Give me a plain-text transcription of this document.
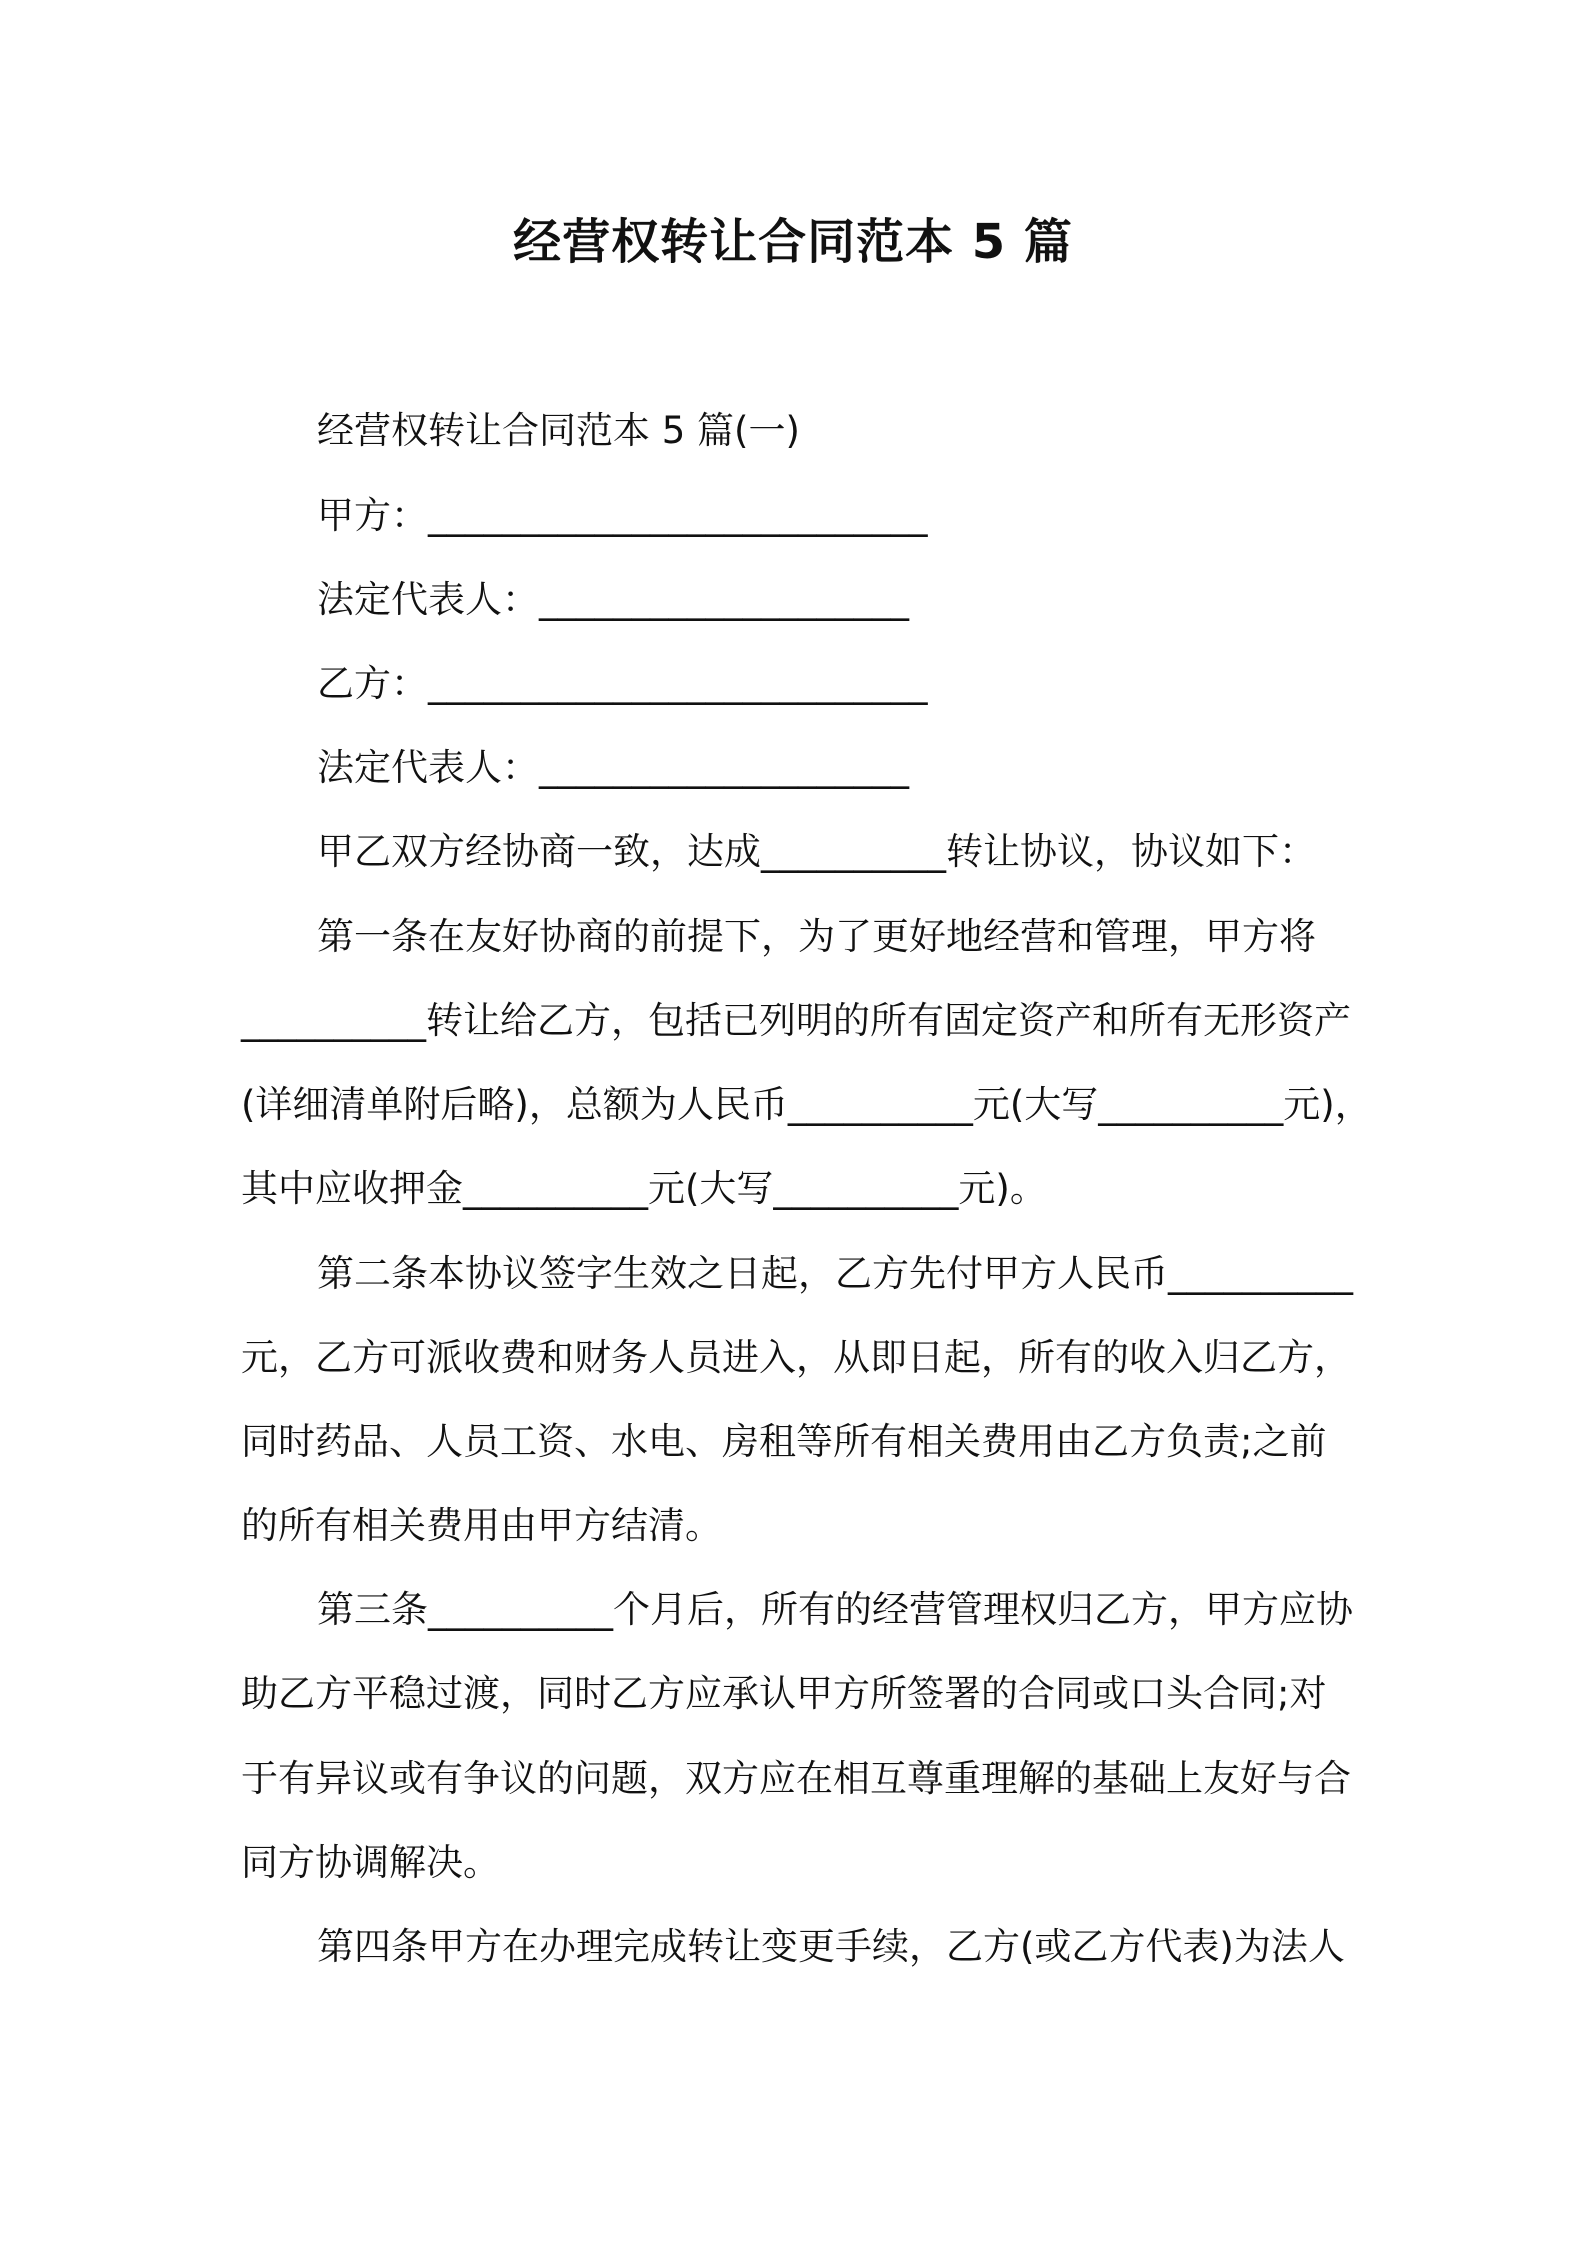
经营权转让合同范本 5 篇

经营权转让合同范本 5 篇(一)

甲方：___________________________

法定代表人：____________________

乙方：___________________________

法定代表人：____________________

甲乙双方经协商一致，达成__________转让协议，协议如下：

第一条在友好协商的前提下，为了更好地经营和管理，甲方将

__________转让给乙方，包括已列明的所有固定资产和所有无形资产

(详细清单附后略)，总额为人民币__________元(大写__________元)，

其中应收押金__________元(大写__________元)。

第二条本协议签字生效之日起，乙方先付甲方人民币__________

元，乙方可派收费和财务人员进入，从即日起，所有的收入归乙方，

同时药品、人员工资、水电、房租等所有相关费用由乙方负责;之前

的所有相关费用由甲方结清。

第三条__________个月后，所有的经营管理权归乙方，甲方应协

助乙方平稳过渡，同时乙方应承认甲方所签署的合同或口头合同;对

于有异议或有争议的问题，双方应在相互尊重理解的基础上友好与合

同方协调解决。

第四条甲方在办理完成转让变更手续，乙方(或乙方代表)为法人
